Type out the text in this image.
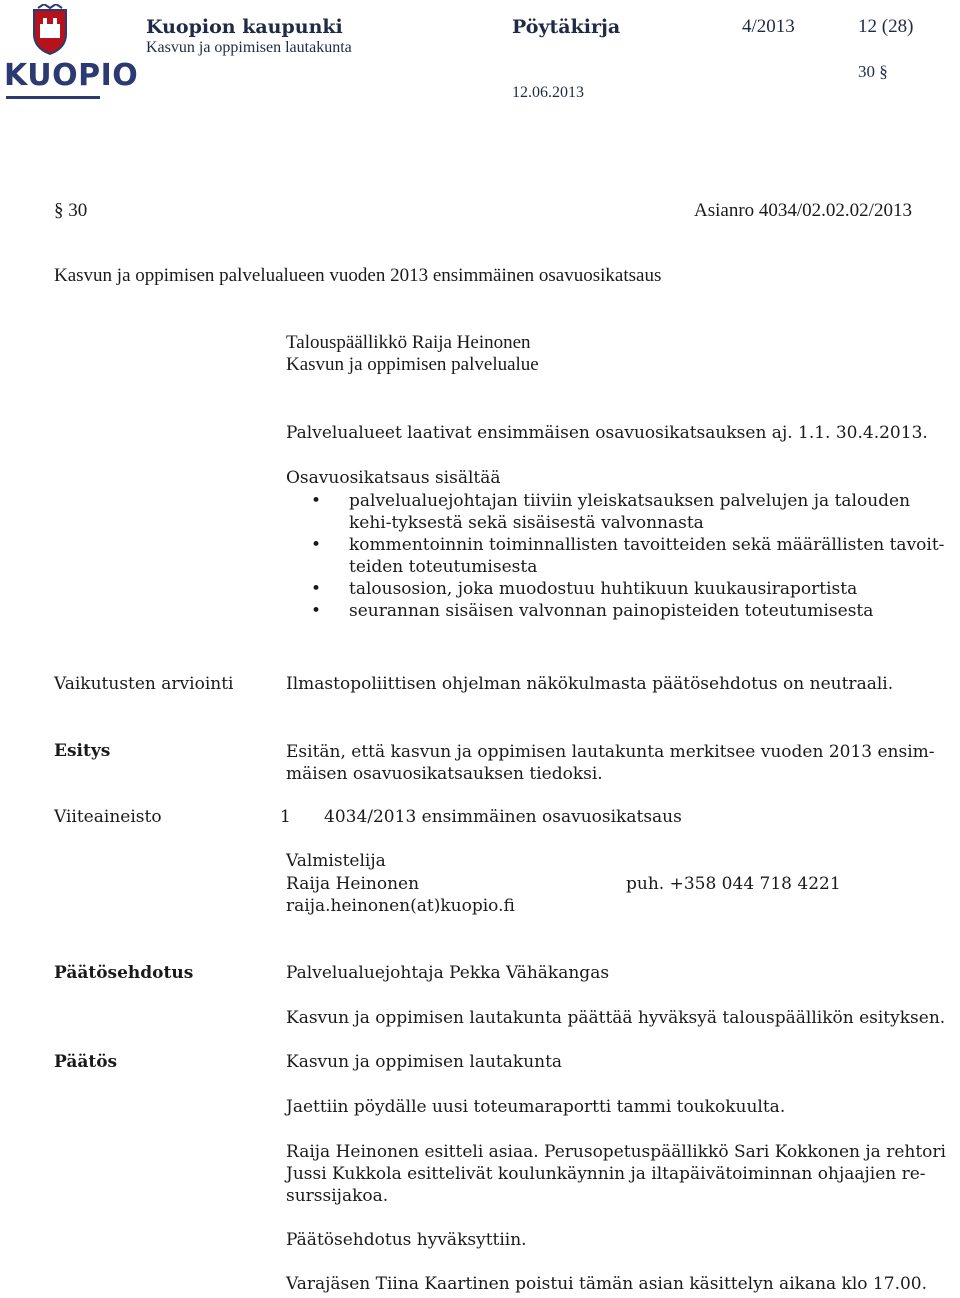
KUOPIO
Kuopion kaupunki
Kasvun ja oppimisen lautakunta
Pöytäkirja	4/2013	12 (28)
30 §
12.06.2013
§ 30	Asianro 4034/02.02.02/2013
Kasvun ja oppimisen palvelualueen vuoden 2013 ensimmäinen osavuosikatsaus
Talouspäällikkö Raija Heinonen
Kasvun ja oppimisen palvelualue
Palvelualueet laativat ensimmäisen osavuosikatsauksen aj. 1.1. 30.4.2013.
Osavuosikatsaus sisältää
• palvelualuejohtajan tiiviin yleiskatsauksen palvelujen ja talouden kehi-tyksestä sekä sisäisestä valvonnasta
• kommentoinnin toiminnallisten tavoitteiden sekä määrällisten tavoit-teiden toteutumisesta
• talousosion, joka muodostuu huhtikuun kuukausiraportista
• seurannan sisäisen valvonnan painopisteiden toteutumisesta
Vaikutusten arviointi	Ilmastopoliittisen ohjelman näkökulmasta päätösehdotus on neutraali.
Esitys	Esitän, että kasvun ja oppimisen lautakunta merkitsee vuoden 2013 ensim-mäisen osavuosikatsauksen tiedoksi.
Viiteaineisto	1 4034/2013 ensimmäinen osavuosikatsaus
Valmistelija
Raija Heinonen	puh. +358 044 718 4221
raija.heinonen(at)kuopio.fi
Päätösehdotus	Palvelualuejohtaja Pekka Vähäkangas
Kasvun ja oppimisen lautakunta päättää hyväksyä talouspäällikön esityksen.
Päätös	Kasvun ja oppimisen lautakunta
Jaettiin pöydälle uusi toteumaraportti tammi toukokuulta.
Raija Heinonen esitteli asiaa. Perusopetuspäällikkö Sari Kokkonen ja rehtori Jussi Kukkola esittelivät koulunkäynnin ja iltapäivätoiminnan ohjaajien re-surssijakoa.
Päätösehdotus hyväksyttiin.
Varajäsen Tiina Kaartinen poistui tämän asian käsittelyn aikana klo 17.00.
